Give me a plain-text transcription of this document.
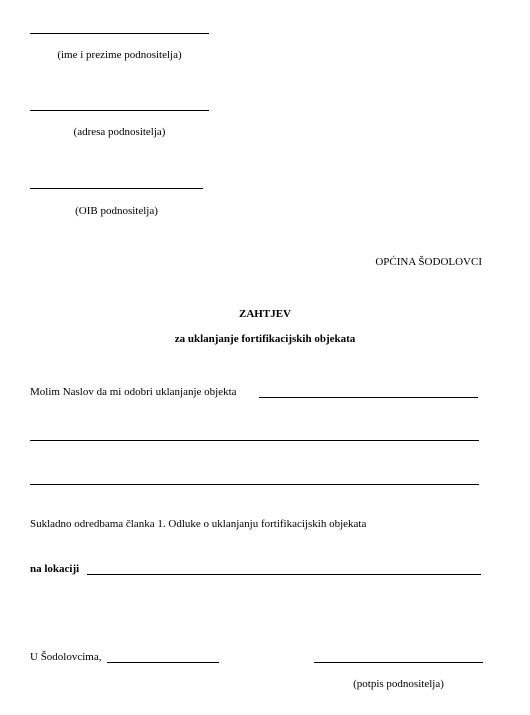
(ime i prezime podnositelja)
(adresa podnositelja)
(OIB podnositelja)
OPĆINA ŠODOLOVCI
ZAHTJEV
za uklanjanje fortifikacijskih objekata
Molim Naslov da mi odobri uklanjanje objekta
Sukladno odredbama članka 1. Odluke o uklanjanju fortifikacijskih objekata
na lokaciji
U Šodolovcima,
(potpis podnositelja)
